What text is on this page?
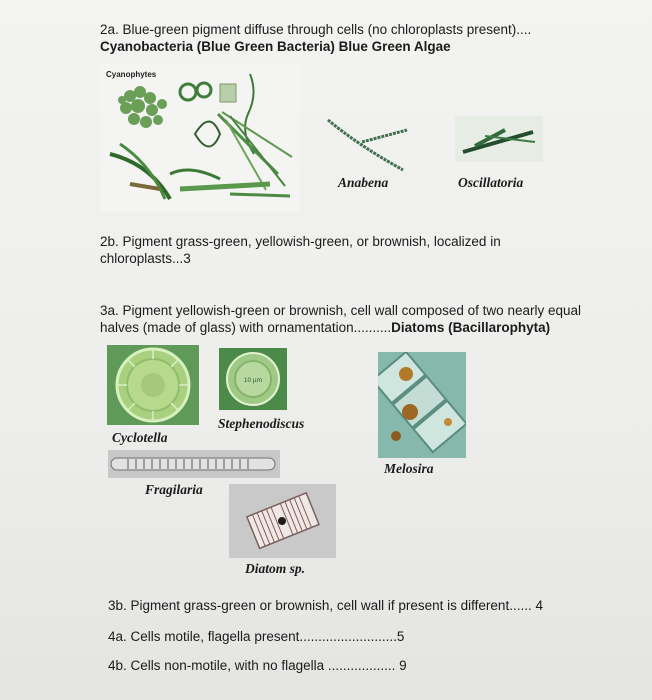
2a. Blue-green pigment diffuse through cells (no chloroplasts present)....
Cyanobacteria (Blue Green Bacteria) Blue Green Algae
Cyanophytes
Anabena	Oscillatoria
2b. Pigment grass-green, yellowish-green, or brownish, localized in
chloroplasts...3
3a. Pigment yellowish-green or brownish, cell wall composed of two nearly equal
halves (made of glass) with ornamentation..........Diatoms (Bacillarophyta)
Cyclotella
10 µm
Stephenodiscus
Melosira
Fragilaria
Diatom sp.
3b. Pigment grass-green or brownish, cell wall if present is different...... 4
4a. Cells motile, flagella present..........................5
4b. Cells non-motile, with no flagella .................. 9
